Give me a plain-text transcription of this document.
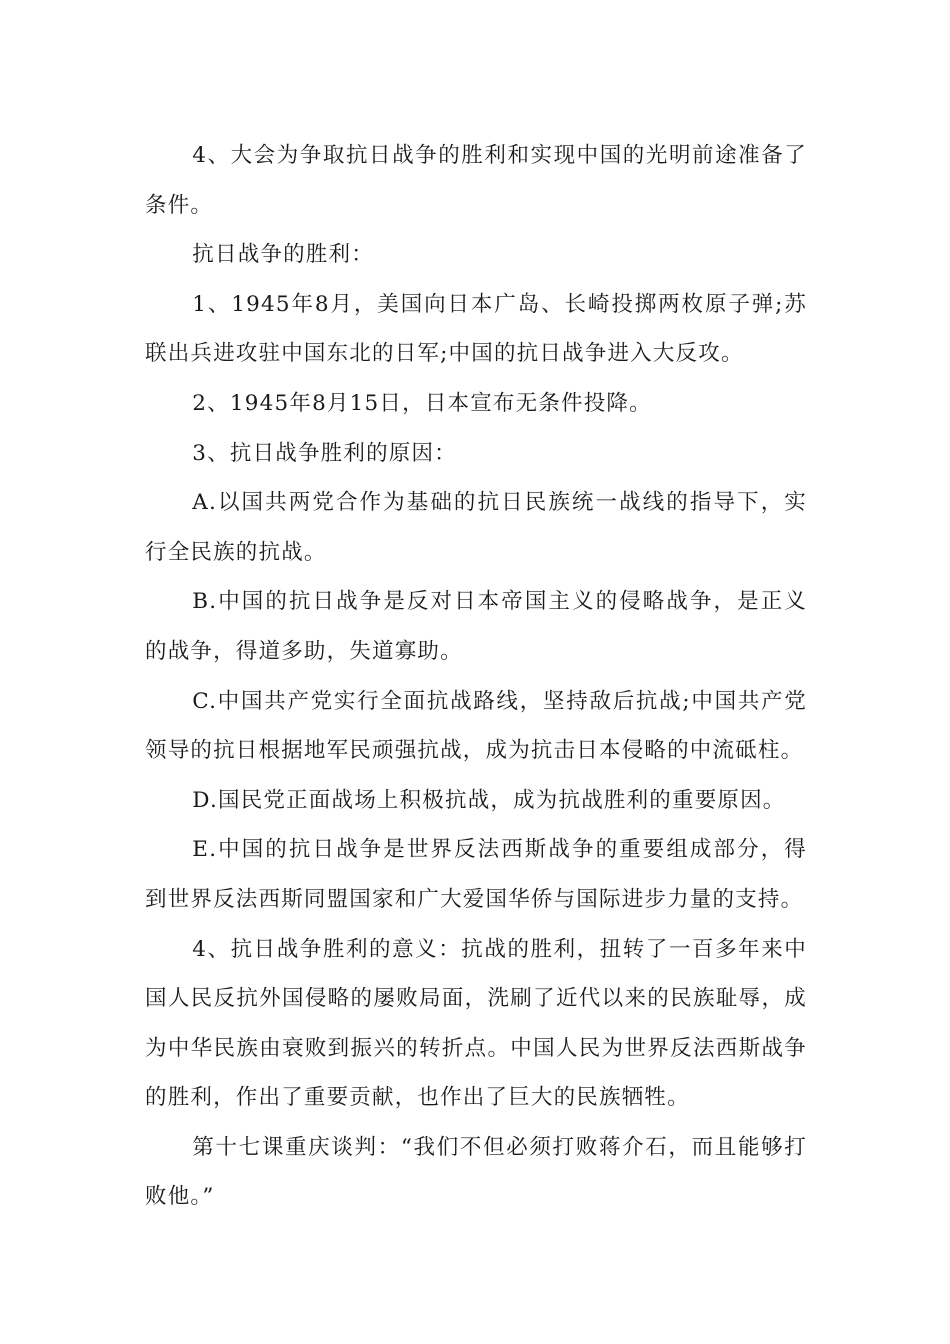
4、大会为争取抗日战争的胜利和实现中国的光明前途准备了条件。

抗日战争的胜利：

1、1945年8月，美国向日本广岛、长崎投掷两枚原子弹;苏联出兵进攻驻中国东北的日军;中国的抗日战争进入大反攻。

2、1945年8月15日，日本宣布无条件投降。

3、抗日战争胜利的原因：

A.以国共两党合作为基础的抗日民族统一战线的指导下，实行全民族的抗战。

B.中国的抗日战争是反对日本帝国主义的侵略战争，是正义的战争，得道多助，失道寡助。

C.中国共产党实行全面抗战路线，坚持敌后抗战;中国共产党领导的抗日根据地军民顽强抗战，成为抗击日本侵略的中流砥柱。

D.国民党正面战场上积极抗战，成为抗战胜利的重要原因。

E.中国的抗日战争是世界反法西斯战争的重要组成部分，得到世界反法西斯同盟国家和广大爱国华侨与国际进步力量的支持。

4、抗日战争胜利的意义：抗战的胜利，扭转了一百多年来中国人民反抗外国侵略的屡败局面，洗刷了近代以来的民族耻辱，成为中华民族由衰败到振兴的转折点。中国人民为世界反法西斯战争的胜利，作出了重要贡献，也作出了巨大的民族牺牲。

第十七课重庆谈判：“我们不但必须打败蒋介石，而且能够打败他。”
